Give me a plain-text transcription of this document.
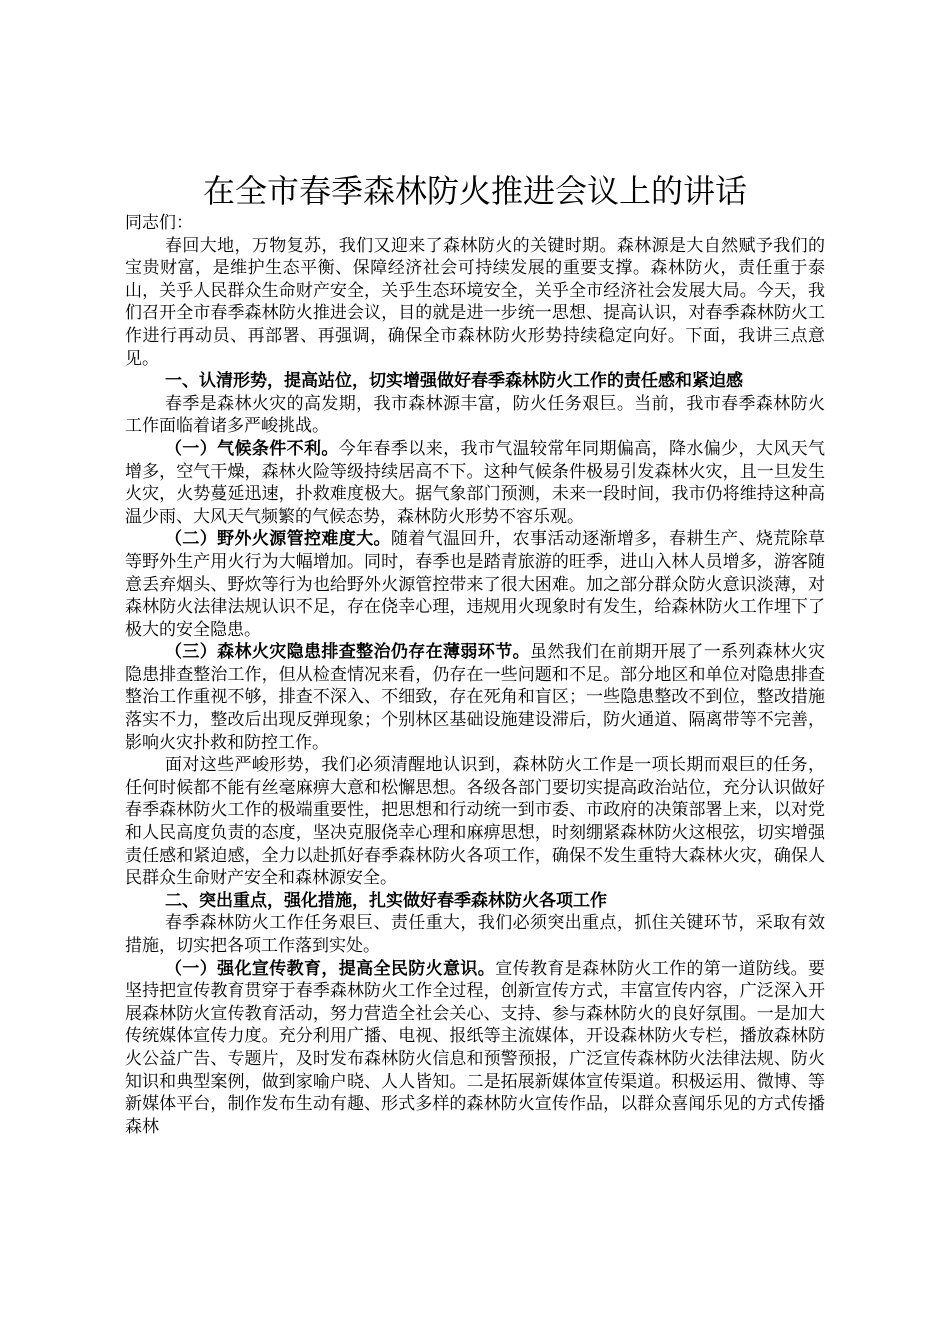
在全市春季森林防火推进会议上的讲话

同志们：

春回大地，万物复苏，我们又迎来了森林防火的关键时期。森林源是大自然赋予我们的宝贵财富，是维护生态平衡、保障经济社会可持续发展的重要支撑。森林防火，责任重于泰山，关乎人民群众生命财产安全，关乎生态环境安全，关乎全市经济社会发展大局。今天，我们召开全市春季森林防火推进会议，目的就是进一步统一思想、提高认识，对春季森林防火工作进行再动员、再部署、再强调，确保全市森林防火形势持续稳定向好。下面，我讲三点意见。

一、认清形势，提高站位，切实增强做好春季森林防火工作的责任感和紧迫感

春季是森林火灾的高发期，我市森林源丰富，防火任务艰巨。当前，我市春季森林防火工作面临着诸多严峻挑战。

（一）气候条件不利。今年春季以来，我市气温较常年同期偏高，降水偏少，大风天气增多，空气干燥，森林火险等级持续居高不下。这种气候条件极易引发森林火灾，且一旦发生火灾，火势蔓延迅速，扑救难度极大。据气象部门预测，未来一段时间，我市仍将维持这种高温少雨、大风天气频繁的气候态势，森林防火形势不容乐观。

（二）野外火源管控难度大。随着气温回升，农事活动逐渐增多，春耕生产、烧荒除草等野外生产用火行为大幅增加。同时，春季也是踏青旅游的旺季，进山入林人员增多，游客随意丢弃烟头、野炊等行为也给野外火源管控带来了很大困难。加之部分群众防火意识淡薄，对森林防火法律法规认识不足，存在侥幸心理，违规用火现象时有发生，给森林防火工作埋下了极大的安全隐患。

（三）森林火灾隐患排查整治仍存在薄弱环节。虽然我们在前期开展了一系列森林火灾隐患排查整治工作，但从检查情况来看，仍存在一些问题和不足。部分地区和单位对隐患排查整治工作重视不够，排查不深入、不细致，存在死角和盲区；一些隐患整改不到位，整改措施落实不力，整改后出现反弹现象；个别林区基础设施建设滞后，防火通道、隔离带等不完善，影响火灾扑救和防控工作。

面对这些严峻形势，我们必须清醒地认识到，森林防火工作是一项长期而艰巨的任务，任何时候都不能有丝毫麻痹大意和松懈思想。各级各部门要切实提高政治站位，充分认识做好春季森林防火工作的极端重要性，把思想和行动统一到市委、市政府的决策部署上来，以对党和人民高度负责的态度，坚决克服侥幸心理和麻痹思想，时刻绷紧森林防火这根弦，切实增强责任感和紧迫感，全力以赴抓好春季森林防火各项工作，确保不发生重特大森林火灾，确保人民群众生命财产安全和森林源安全。

二、突出重点，强化措施，扎实做好春季森林防火各项工作

春季森林防火工作任务艰巨、责任重大，我们必须突出重点，抓住关键环节，采取有效措施，切实把各项工作落到实处。

（一）强化宣传教育，提高全民防火意识。宣传教育是森林防火工作的第一道防线。要坚持把宣传教育贯穿于春季森林防火工作全过程，创新宣传方式，丰富宣传内容，广泛深入开展森林防火宣传教育活动，努力营造全社会关心、支持、参与森林防火的良好氛围。一是加大传统媒体宣传力度。充分利用广播、电视、报纸等主流媒体，开设森林防火专栏，播放森林防火公益广告、专题片，及时发布森林防火信息和预警预报，广泛宣传森林防火法律法规、防火知识和典型案例，做到家喻户晓、人人皆知。二是拓展新媒体宣传渠道。积极运用、微博、等新媒体平台，制作发布生动有趣、形式多样的森林防火宣传作品，以群众喜闻乐见的方式传播森林
